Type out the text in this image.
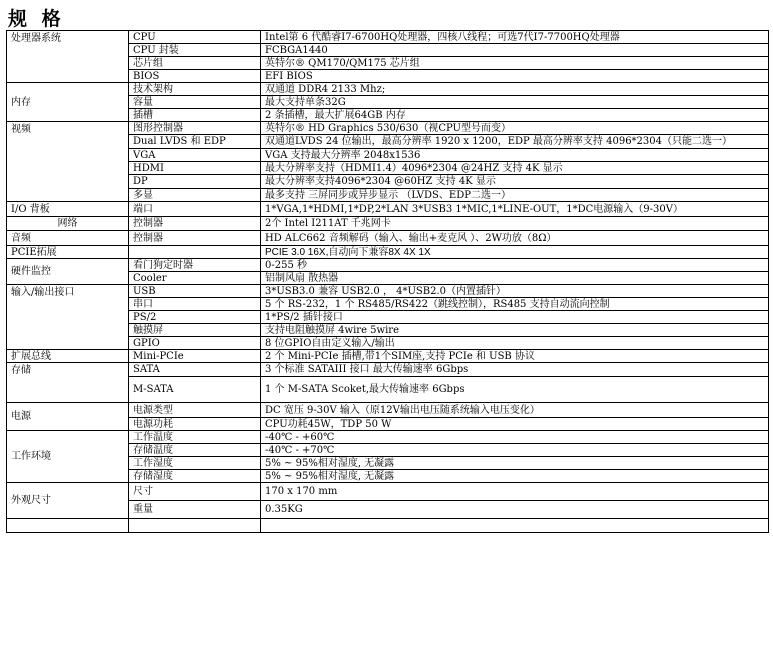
规 格
处理器系统	CPU	Intel第 6 代酷睿I7-6700HQ处理器，四核八线程；可选7代I7-7700HQ处理器
	CPU 封装	FCBGA1440
	芯片组	英特尔® QM170/QM175 芯片组
	BIOS	EFI BIOS
内存	技术架构	双通道 DDR4 2133 Mhz;
	容量	最大支持单条32G
	插槽	2 条插槽，最大扩展64GB 内存
视频	图形控制器	英特尔® HD Graphics 530/630（视CPU型号而变）
	Dual LVDS 和 EDP	双通道LVDS 24 位输出，最高分辨率 1920 x 1200，EDP 最高分辨率支持 4096*2304（只能二选一）
	VGA	VGA 支持最大分辨率 2048x1536
	HDMI	最大分辨率支持（HDMI1.4）4096*2304 @24HZ 支持 4K 显示
	DP	最大分辨率支持4096*2304 @60HZ 支持 4K 显示
	多显	最多支持 三屏同步或异步显示 （LVDS、EDP二选一）
I/O 背板	端口	1*VGA,1*HDMI,1*DP,2*LAN 3*USB3 1*MIC,1*LINE-OUT，1*DC电源输入（9-30V）
网络	控制器	2个 Intel I211AT 千兆网卡
音频	控制器	HD ALC662 音频解码（输入、输出+麦克风 ）、2W功放（8Ω）
PCIE拓展		PCIE 3.0 16X,自动向下兼容8X 4X 1X
硬件监控	看门狗定时器	0-255 秒
	Cooler	铝制风扇 散热器
输入/输出接口	USB	3*USB3.0 兼容 USB2.0 ， 4*USB2.0（内置插针）
	串口	5 个 RS-232，1 个 RS485/RS422（跳线控制），RS485 支持自动流向控制
	PS/2	1*PS/2 插针接口
	触摸屏	支持电阻触摸屏 4wire 5wire
	GPIO	8 位GPIO自由定义输入/输出
扩展总线	Mini-PCIe	2 个 Mini-PCIe 插槽,带1个SIM座,支持 PCIe 和 USB 协议
存储	SATA	3 个标准 SATAIII 接口 最大传输速率 6Gbps
	M-SATA	1 个 M-SATA Scoket,最大传输速率 6Gbps
电源	电源类型	DC 宽压 9-30V 输入（原12V输出电压随系统输入电压变化）
	电源功耗	CPU功耗45W，TDP 50 W
工作环境	工作温度	-40℃ - +60℃
	存储温度	-40℃ - +70℃
	工作湿度	5% ~ 95%相对湿度, 无凝露
	存储湿度	5% ~ 95%相对湿度, 无凝露
外观尺寸	尺寸	170 x 170 mm
	重量	0.35KG
